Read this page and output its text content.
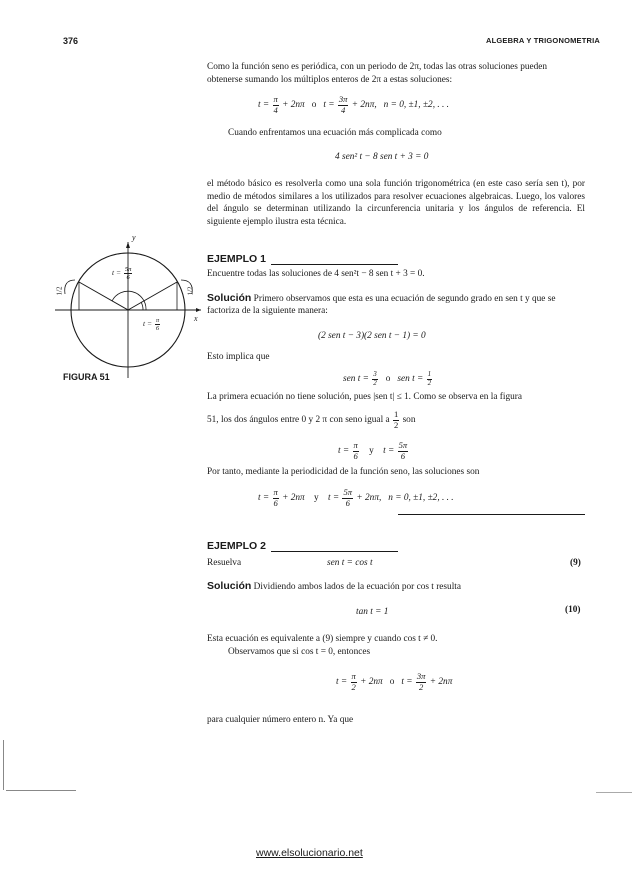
376	ALGEBRA Y TRIGONOMETRIA
Como la función seno es periódica, con un periodo de 2π, todas las otras soluciones pueden
obtenerse sumando los múltiplos enteros de 2π a estas soluciones:
$t = \frac{\pi}{4} + 2n\pi$ o $t = \frac{3\pi}{4} + 2n\pi$, n = 0, ±1, ±2, . . .
Cuando enfrentamos una ecuación más complicada como
4 sen² t − 8 sen t + 3 = 0
el método básico es resolverla como una sola función trigonométrica (en este caso sería sen t), por medio de métodos similares a los utilizados para resolver ecuaciones algebraicas. Luego, los valores del ángulo se determinan utilizando la circunferencia unitaria y los ángulos de referencia. El siguiente ejemplo ilustra esta técnica.
y
x
1/2	1/2
$t = \frac{5\pi}{6}$
$t = \frac{\pi}{6}$
FIGURA 51
EJEMPLO 1
Encuentre todas las soluciones de 4 sen²t − 8 sen t + 3 = 0.
Solución Primero observamos que esta es una ecuación de segundo grado en sen t y que se
factoriza de la siguiente manera:
(2 sen t − 3)(2 sen t − 1) = 0
Esto implica que
sen $t = \frac{3}{2}$ o sen $t = \frac{1}{2}$
La primera ecuación no tiene solución, pues |sen t| ≤ 1. Como se observa en la figura
51, los dos ángulos entre 0 y 2 π con seno igual a $\frac{1}{2}$ son
$t = \frac{\pi}{6}$ y $t = \frac{5\pi}{6}$
Por tanto, mediante la periodicidad de la función seno, las soluciones son
$t = \frac{\pi}{6} + 2n\pi$ y $t = \frac{5\pi}{6} + 2n\pi$, n = 0, ±1, ±2, . . .
EJEMPLO 2
Resuelva	sen t = cos t	(9)
Solución Dividiendo ambos lados de la ecuación por cos t resulta
tan t = 1	(10)
Esta ecuación es equivalente a (9) siempre y cuando cos t ≠ 0.
Observamos que si cos t = 0, entonces
$t = \frac{\pi}{2} + 2n\pi$ o $t = \frac{3\pi}{2} + 2n\pi$
para cualquier número entero n. Ya que
www.elsolucionario.net
